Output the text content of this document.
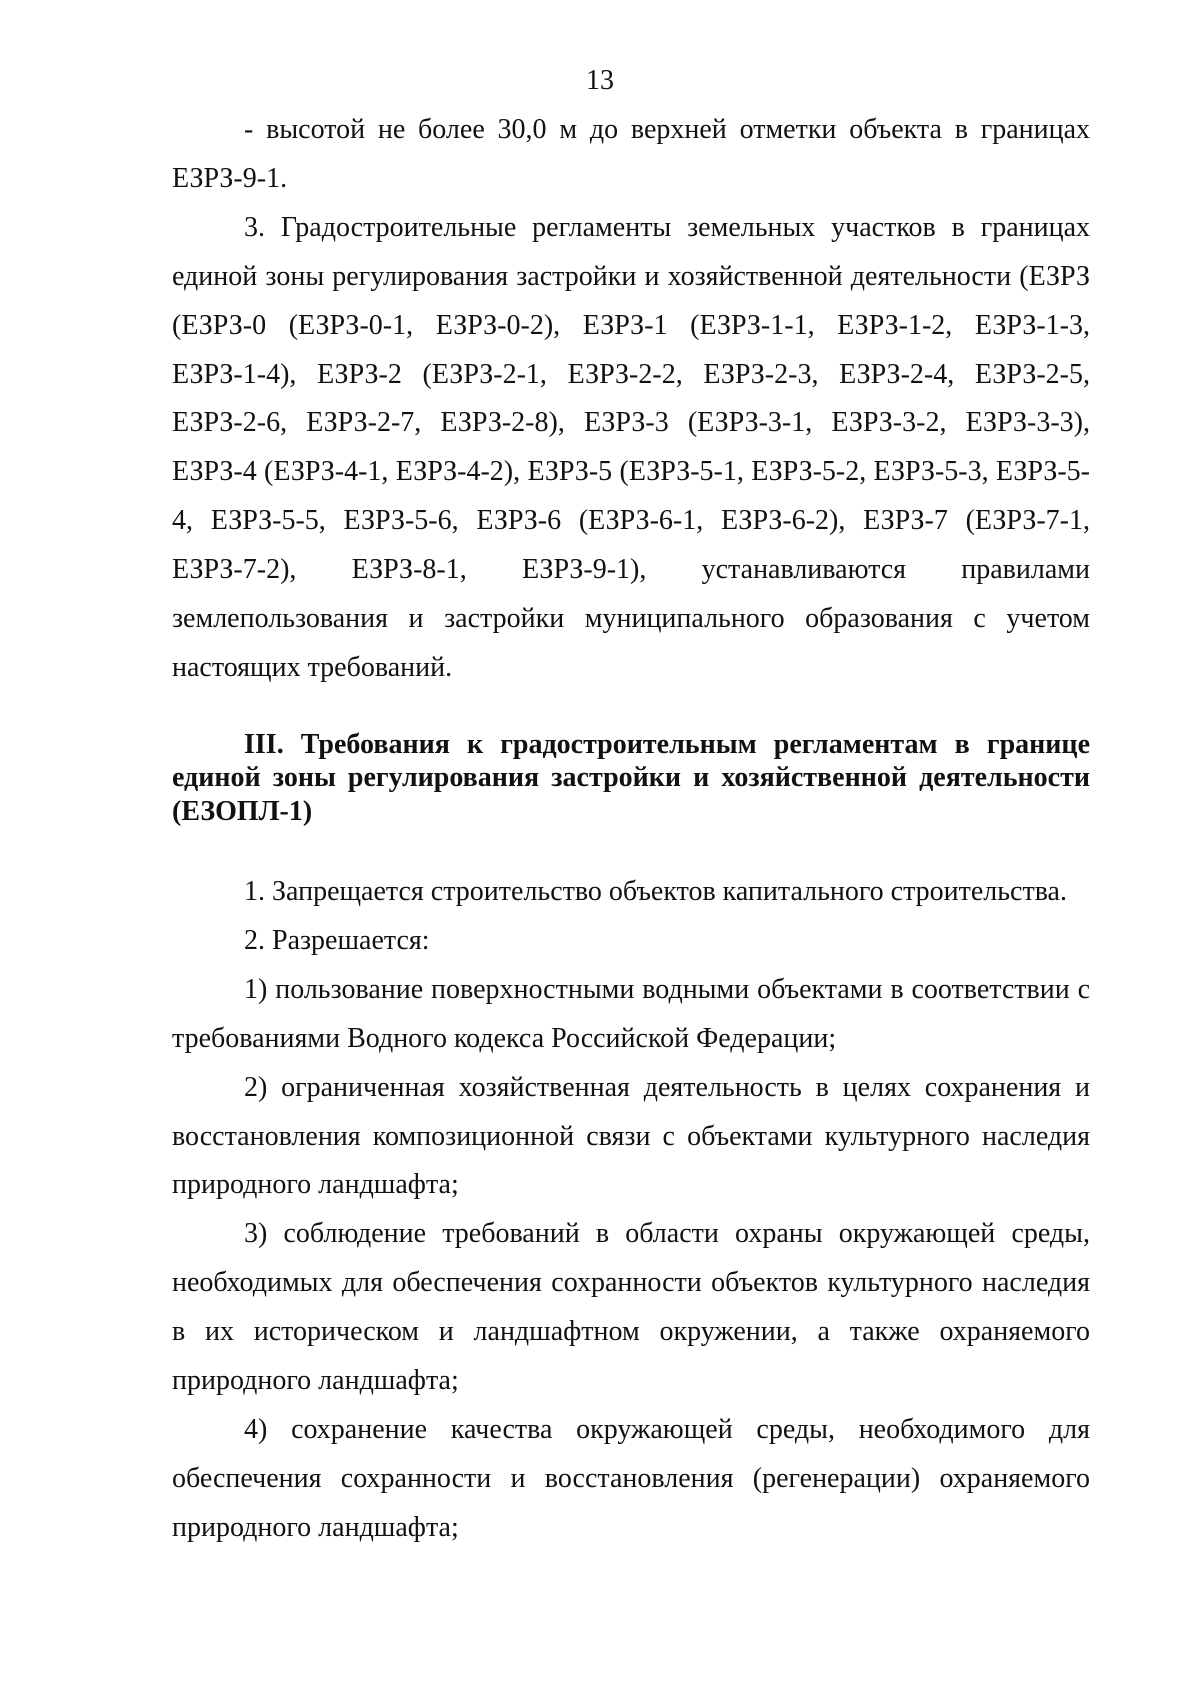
13

- высотой не более 30,0 м до верхней отметки объекта в границах ЕЗРЗ-9-1.

3. Градостроительные регламенты земельных участков в границах единой зоны регулирования застройки и хозяйственной деятельности (ЕЗРЗ (ЕЗРЗ-0 (ЕЗРЗ-0-1, ЕЗРЗ-0-2), ЕЗРЗ-1 (ЕЗРЗ-1-1, ЕЗРЗ-1-2, ЕЗРЗ-1-3, ЕЗРЗ-1-4), ЕЗРЗ-2 (ЕЗРЗ-2-1, ЕЗРЗ-2-2, ЕЗРЗ-2-3, ЕЗРЗ-2-4, ЕЗРЗ-2-5, ЕЗРЗ-2-6, ЕЗРЗ-2-7, ЕЗРЗ-2-8), ЕЗРЗ-3 (ЕЗРЗ-3-1, ЕЗРЗ-3-2, ЕЗРЗ-3-3), ЕЗРЗ-4 (ЕЗРЗ-4-1, ЕЗРЗ-4-2), ЕЗРЗ-5 (ЕЗРЗ-5-1, ЕЗРЗ-5-2, ЕЗРЗ-5-3, ЕЗРЗ-5-4, ЕЗРЗ-5-5, ЕЗРЗ-5-6, ЕЗРЗ-6 (ЕЗРЗ-6-1, ЕЗРЗ-6-2), ЕЗРЗ-7 (ЕЗРЗ-7-1, ЕЗРЗ-7-2), ЕЗРЗ-8-1, ЕЗРЗ-9-1), устанавливаются правилами землепользования и застройки муниципального образования с учетом настоящих требований.

III. Требования к градостроительным регламентам в границе единой зоны регулирования застройки и хозяйственной деятельности (ЕЗОПЛ-1)

1. Запрещается строительство объектов капитального строительства.

2. Разрешается:

1) пользование поверхностными водными объектами в соответствии с требованиями Водного кодекса Российской Федерации;

2) ограниченная хозяйственная деятельность в целях сохранения и восстановления композиционной связи с объектами культурного наследия природного ландшафта;

3) соблюдение требований в области охраны окружающей среды, необходимых для обеспечения сохранности объектов культурного наследия в их историческом и ландшафтном окружении, а также охраняемого природного ландшафта;

4) сохранение качества окружающей среды, необходимого для обеспечения сохранности и восстановления (регенерации) охраняемого природного ландшафта;
